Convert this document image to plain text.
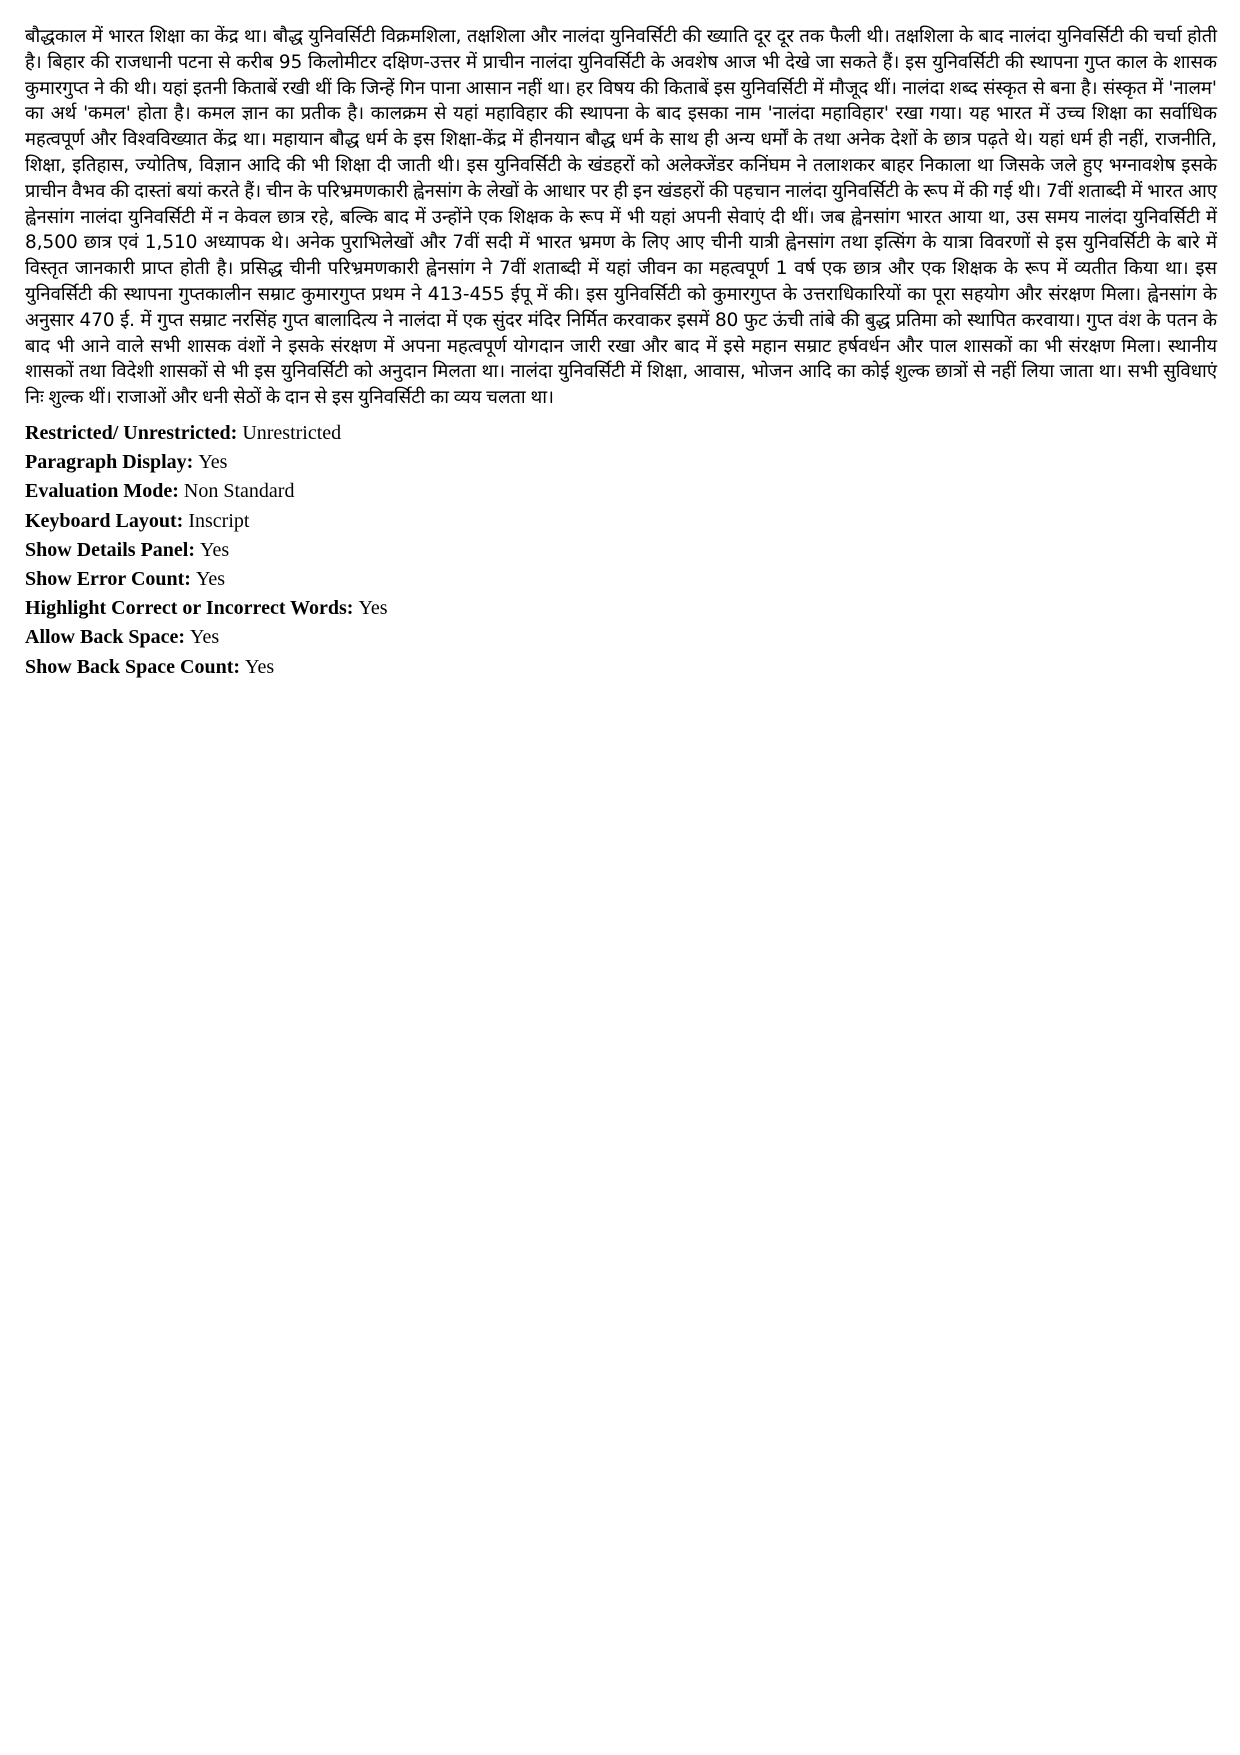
बौद्धकाल में भारत शिक्षा का केंद्र था। बौद्ध युनिवर्सिटी विक्रमशिला, तक्षशिला और नालंदा युनिवर्सिटी की ख्याति दूर दूर तक फैली थी। तक्षशिला के बाद नालंदा युनिवर्सिटी की चर्चा होती है। बिहार की राजधानी पटना से करीब 95 किलोमीटर दक्षिण-उत्तर में प्राचीन नालंदा युनिवर्सिटी के अवशेष आज भी देखे जा सकते हैं। इस युनिवर्सिटी की स्थापना गुप्त काल के शासक कुमारगुप्त ने की थी। यहां इतनी किताबें रखी थीं कि जिन्हें गिन पाना आसान नहीं था। हर विषय की किताबें इस युनिवर्सिटी में मौजूद थीं। नालंदा शब्द संस्कृत से बना है। संस्कृत में 'नालम' का अर्थ 'कमल' होता है। कमल ज्ञान का प्रतीक है। कालक्रम से यहां महाविहार की स्थापना के बाद इसका नाम 'नालंदा महाविहार' रखा गया। यह भारत में उच्च शिक्षा का सर्वाधिक महत्वपूर्ण और विश्वविख्यात केंद्र था। महायान बौद्ध धर्म के इस शिक्षा-केंद्र में हीनयान बौद्ध धर्म के साथ ही अन्य धर्मों के तथा अनेक देशों के छात्र पढ़ते थे। यहां धर्म ही नहीं, राजनीति, शिक्षा, इतिहास, ज्योतिष, विज्ञान आदि की भी शिक्षा दी जाती थी। इस युनिवर्सिटी के खंडहरों को अलेक्जेंडर कनिंघम ने तलाशकर बाहर निकाला था जिसके जले हुए भग्नावशेष इसके प्राचीन वैभव की दास्तां बयां करते हैं। चीन के परिभ्रमणकारी ह्वेनसांग के लेखों के आधार पर ही इन खंडहरों की पहचान नालंदा युनिवर्सिटी के रूप में की गई थी। 7वीं शताब्दी में भारत आए ह्वेनसांग नालंदा युनिवर्सिटी में न केवल छात्र रहे, बल्कि बाद में उन्होंने एक शिक्षक के रूप में भी यहां अपनी सेवाएं दी थीं। जब ह्वेनसांग भारत आया था, उस समय नालंदा युनिवर्सिटी में 8,500 छात्र एवं 1,510 अध्यापक थे। अनेक पुराभिलेखों और 7वीं सदी में भारत भ्रमण के लिए आए चीनी यात्री ह्वेनसांग तथा इत्सिंग के यात्रा विवरणों से इस युनिवर्सिटी के बारे में विस्तृत जानकारी प्राप्त होती है। प्रसिद्ध चीनी परिभ्रमणकारी ह्वेनसांग ने 7वीं शताब्दी में यहां जीवन का महत्वपूर्ण 1 वर्ष एक छात्र और एक शिक्षक के रूप में व्यतीत किया था। इस युनिवर्सिटी की स्थापना गुप्तकालीन सम्राट कुमारगुप्त प्रथम ने 413-455 ईपू में की। इस युनिवर्सिटी को कुमारगुप्त के उत्तराधिकारियों का पूरा सहयोग और संरक्षण मिला। ह्वेनसांग के अनुसार 470 ई. में गुप्त सम्राट नरसिंह गुप्त बालादित्य ने नालंदा में एक सुंदर मंदिर निर्मित करवाकर इसमें 80 फुट ऊंची तांबे की बुद्ध प्रतिमा को स्थापित करवाया। गुप्त वंश के पतन के बाद भी आने वाले सभी शासक वंशों ने इसके संरक्षण में अपना महत्वपूर्ण योगदान जारी रखा और बाद में इसे महान सम्राट हर्षवर्धन और पाल शासकों का भी संरक्षण मिला। स्थानीय शासकों तथा विदेशी शासकों से भी इस युनिवर्सिटी को अनुदान मिलता था। नालंदा युनिवर्सिटी में शिक्षा, आवास, भोजन आदि का कोई शुल्क छात्रों से नहीं लिया जाता था। सभी सुविधाएं निः शुल्क थीं। राजाओं और धनी सेठों के दान से इस युनिवर्सिटी का व्यय चलता था।

Restricted/ Unrestricted: Unrestricted
Paragraph Display: Yes
Evaluation Mode: Non Standard
Keyboard Layout: Inscript
Show Details Panel: Yes
Show Error Count: Yes
Highlight Correct or Incorrect Words: Yes
Allow Back Space: Yes
Show Back Space Count: Yes
